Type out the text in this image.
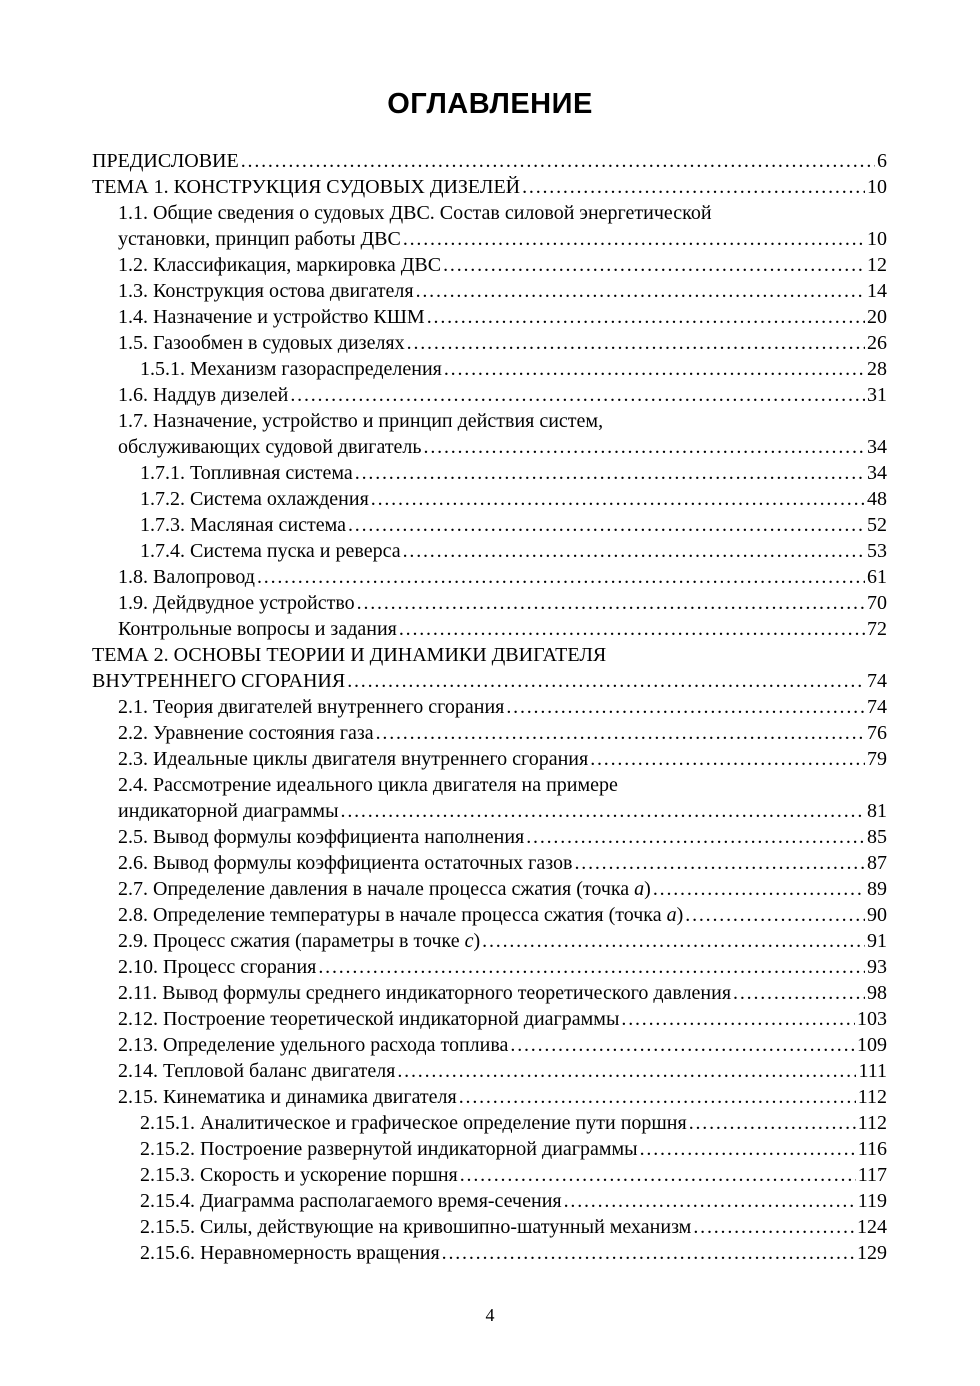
ОГЛАВЛЕНИЕ
ПРЕДИСЛОВИЕ . . .	6
ТЕМА 1. КОНСТРУКЦИЯ СУДОВЫХ ДИЗЕЛЕЙ . . .	10
1.1. Общие сведения о судовых ДВС. Состав силовой энергетической
установки, принцип работы ДВС . . .	10
1.2. Классификация, маркировка ДВС . . .	12
1.3. Конструкция остова двигателя . . .	14
1.4. Назначение и устройство КШМ . . .	20
1.5. Газообмен в судовых дизелях . . .	26
1.5.1. Механизм газораспределения . . .	28
1.6. Наддув дизелей . . .	31
1.7. Назначение, устройство и принцип действия систем,
обслуживающих судовой двигатель . . .	34
1.7.1. Топливная система . . .	34
1.7.2. Система охлаждения . . .	48
1.7.3. Масляная система . . .	52
1.7.4. Система пуска и реверса . . .	53
1.8. Валопровод . . .	61
1.9. Дейдвудное устройство . . .	70
Контрольные вопросы и задания . . .	72
ТЕМА 2. ОСНОВЫ ТЕОРИИ И ДИНАМИКИ ДВИГАТЕЛЯ
ВНУТРЕННЕГО СГОРАНИЯ . . .	74
2.1. Теория двигателей внутреннего сгорания . . .	74
2.2. Уравнение состояния газа . . .	76
2.3. Идеальные циклы двигателя внутреннего сгорания . . .	79
2.4. Рассмотрение идеального цикла двигателя на примере
индикаторной диаграммы . . .	81
2.5. Вывод формулы коэффициента наполнения . . .	85
2.6. Вывод формулы коэффициента остаточных газов . . .	87
2.7. Определение давления в начале процесса сжатия (точка а) . . .	89
2.8. Определение температуры в начале процесса сжатия (точка а) . . .	90
2.9. Процесс сжатия (параметры в точке с) . . .	91
2.10. Процесс сгорания . . .	93
2.11. Вывод формулы среднего индикаторного теоретического давления . . .	98
2.12. Построение теоретической индикаторной диаграммы . . .	103
2.13. Определение удельного расхода топлива . . .	109
2.14. Тепловой баланс двигателя . . .	111
2.15. Кинематика и динамика двигателя . . .	112
2.15.1. Аналитическое и графическое определение пути поршня . . .	112
2.15.2. Построение развернутой индикаторной диаграммы . . .	116
2.15.3. Скорость и ускорение поршня . . .	117
2.15.4. Диаграмма располагаемого время-сечения . . .	119
2.15.5. Силы, действующие на кривошипно-шатунный механизм . . .	124
2.15.6. Неравномерность вращения . . .	129
4
